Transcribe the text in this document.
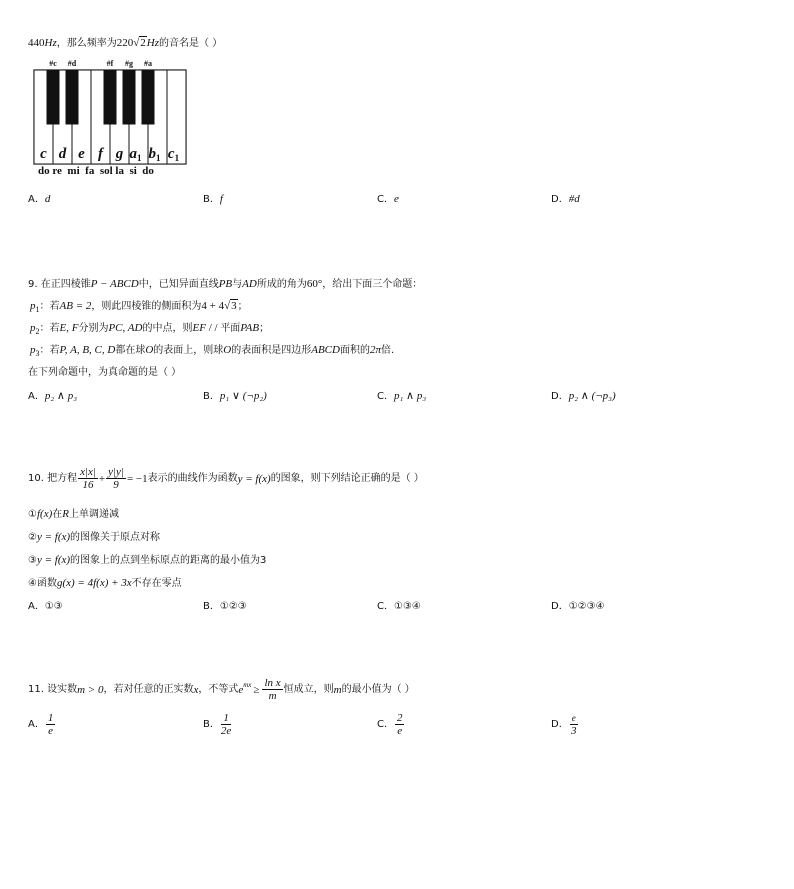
440Hz，那么频率为220√2Hz的音名是（ ）
c d e f g $a_1$ $b_1$ $c_1$
#c #d	#f #g #a
do re  mi  fa  sol la  si  do
A．d	B．f	C．e	D．#d
9. 在正四棱锥P − ABCD中，已知异面直线PB与AD所成的角为60°，给出下面三个命题：
$p_1$：若AB = 2，则此四棱锥的侧面积为4 + 4√3；
$p_2$：若E, F分别为PC, AD的中点，则EF / / 平面PAB；
$p_3$：若P, A, B, C, D都在球O的表面上，则球O的表面积是四边形ABCD面积的2π倍.
在下列命题中，为真命题的是（ ）
A．p₂ ∧ p₃	B．p₁ ∨ (¬p₂)	C．p₁ ∧ p₃	D．p₂ ∧ (¬p₃)
10. 把方程 $\frac{x|x|}{16} + \frac{y|y|}{9} = -1$表示的曲线作为函数y = f(x)的图象，则下列结论正确的是（ ）
①f(x)在R上单调递减
②y = f(x)的图像关于原点对称
③y = f(x)的图象上的点到坐标原点的距离的最小值为3
④函数g(x) = 4f(x) + 3x不存在零点
A．①③	B．①②③	C．①③④	D．①②③④
11. 设实数m > 0，若对任意的正实数x，不等式$e^{mx} \ge \frac{\text{ln x}}{m}$ 恒成立，则m的最小值为（ ）
A． $\frac{1}{e}$	B． $\frac{1}{2e}$	C． $\frac{2}{e}$	D． $\frac{e}{3}$
